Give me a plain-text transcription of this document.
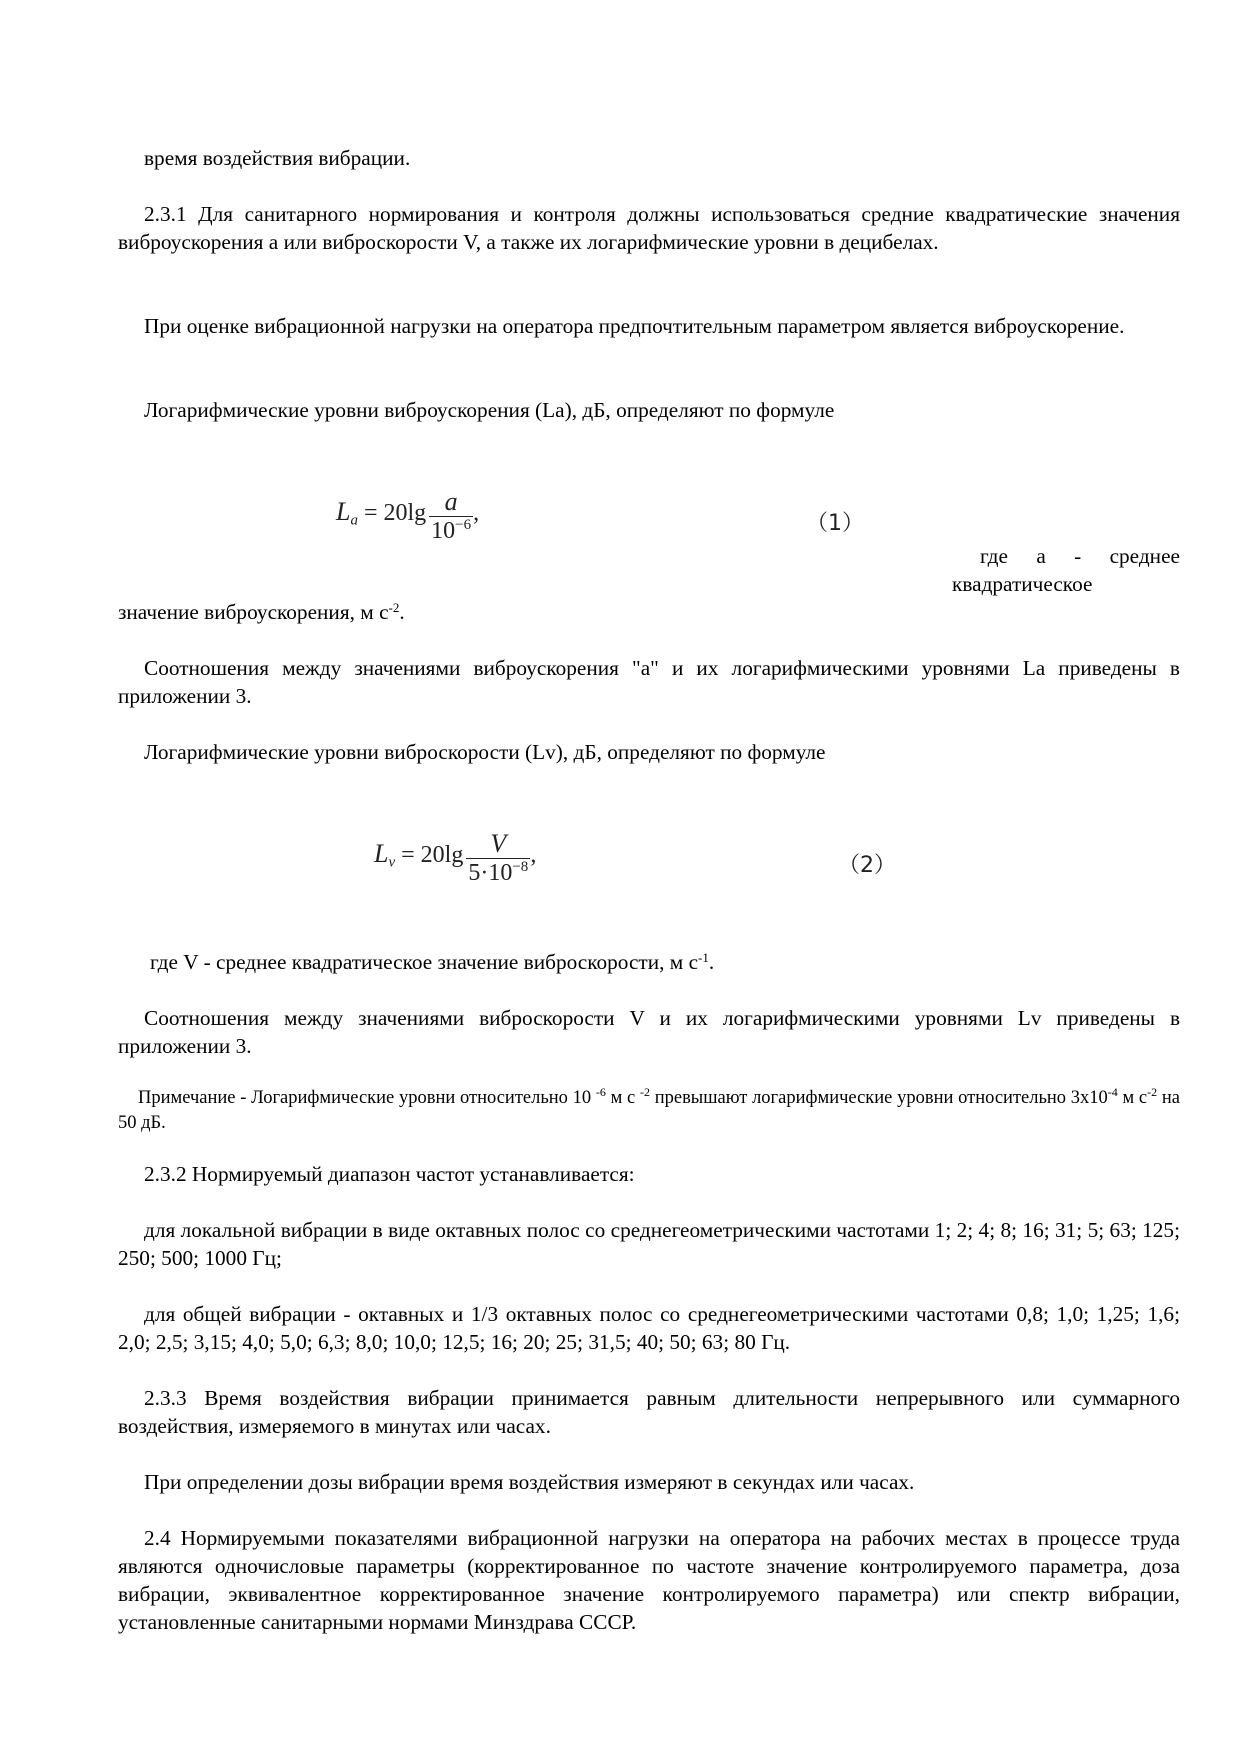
время воздействия вибрации.

2.3.1 Для санитарного нормирования и контроля должны использоваться средние квадратические значения виброускорения а или виброскорости V, а также их логарифмические уровни в децибелах.

При оценке вибрационной нагрузки на оператора предпочтительным параметром является виброускорение.

Логарифмические уровни виброускорения (La), дБ, определяют по формуле

$L_a = 20\lg \frac{a}{10^{-6}}$ ,	（1）
где  а  -  среднее
квадратическое

значение виброускорения, м $с^{-2}$.

Соотношения между значениями виброускорения "а" и их логарифмическими уровнями La приведены в приложении 3.

Логарифмические уровни виброскорости (Lv), дБ, определяют по формуле

$L_v = 20\lg \frac{V}{5\cdot 10^{-8}}$ ,	（2）

где V - среднее квадратическое значение виброскорости, м $с^{-1}$.

Соотношения между значениями виброскорости V и их логарифмическими уровнями Lv приведены в приложении 3.

Примечание - Логарифмические уровни относительно 10 $^{-6}$ м с $^{-2}$ превышают логарифмические уровни относительно $3x10^{-4}$ м $с^{-2}$ на 50 дБ.

2.3.2 Нормируемый диапазон частот устанавливается:

для локальной вибрации в виде октавных полос со среднегеометрическими частотами 1; 2; 4; 8; 16; 31; 5; 63; 125; 250; 500; 1000 Гц;

для общей вибрации - октавных и 1/3 октавных полос со среднегеометрическими частотами 0,8; 1,0; 1,25; 1,6; 2,0; 2,5; 3,15; 4,0; 5,0; 6,3; 8,0; 10,0; 12,5; 16; 20; 25; 31,5; 40; 50; 63; 80 Гц.

2.3.3 Время воздействия вибрации принимается равным длительности непрерывного или суммарного воздействия, измеряемого в минутах или часах.

При определении дозы вибрации время воздействия измеряют в секундах или часах.

2.4 Нормируемыми показателями вибрационной нагрузки на оператора на рабочих местах в процессе труда являются одночисловые параметры (корректированное по частоте значение контролируемого параметра, доза вибрации, эквивалентное корректированное значение контролируемого параметра) или спектр вибрации, установленные санитарными нормами Минздрава СССР.
